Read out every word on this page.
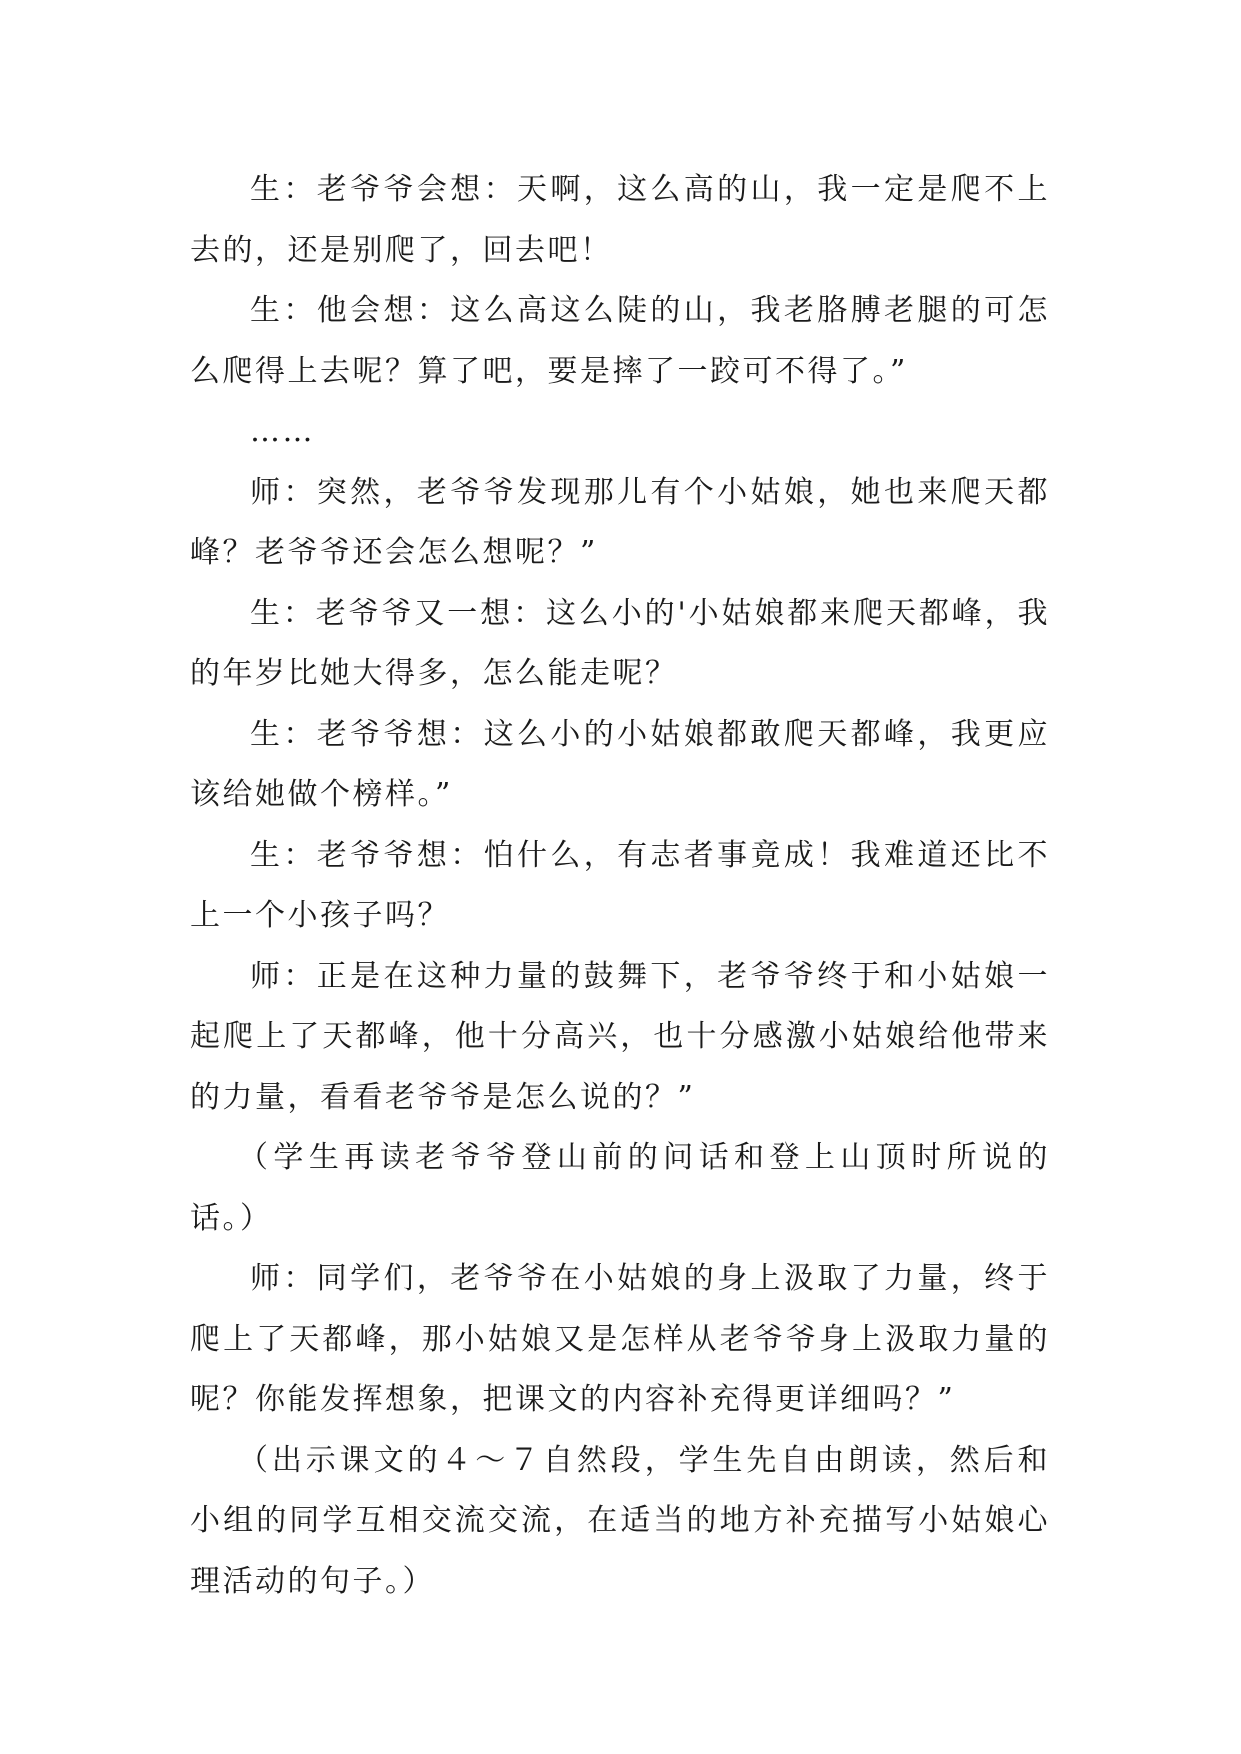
生：老爷爷会想：天啊，这么高的山，我一定是爬不上去的，还是别爬了，回去吧！

生：他会想：这么高这么陡的山，我老胳膊老腿的可怎么爬得上去呢？算了吧，要是摔了一跤可不得了。”

……

师：突然，老爷爷发现那儿有个小姑娘，她也来爬天都峰？老爷爷还会怎么想呢？”

生：老爷爷又一想：这么小的'小姑娘都来爬天都峰，我的年岁比她大得多，怎么能走呢？

生：老爷爷想：这么小的小姑娘都敢爬天都峰，我更应该给她做个榜样。”

生：老爷爷想：怕什么，有志者事竟成！我难道还比不上一个小孩子吗？

师：正是在这种力量的鼓舞下，老爷爷终于和小姑娘一起爬上了天都峰，他十分高兴，也十分感激小姑娘给他带来的力量，看看老爷爷是怎么说的？”

（学生再读老爷爷登山前的问话和登上山顶时所说的话。）

师：同学们，老爷爷在小姑娘的身上汲取了力量，终于爬上了天都峰，那小姑娘又是怎样从老爷爷身上汲取力量的呢？你能发挥想象，把课文的内容补充得更详细吗？”

（出示课文的４～７自然段，学生先自由朗读，然后和小组的同学互相交流交流，在适当的地方补充描写小姑娘心理活动的句子。）
